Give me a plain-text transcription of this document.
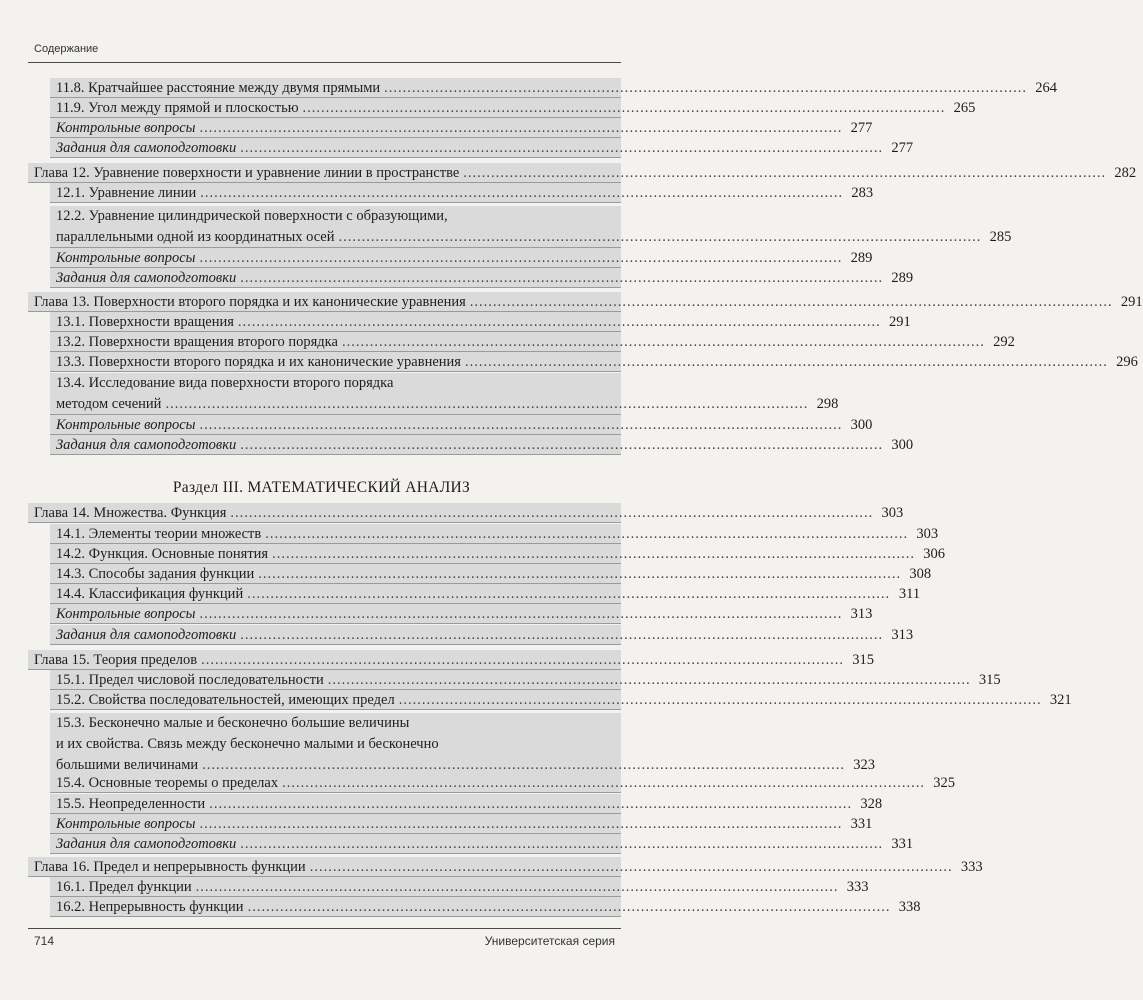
Содержание
11.8. Кратчайшее расстояние между двумя прямыми ........................................................................................................................................... 264
11.9. Угол между прямой и плоскостью ........................................................................................................................................... 265
Контрольные вопросы ........................................................................................................................................... 277
Задания для самоподготовки ........................................................................................................................................... 277
Глава 12. Уравнение поверхности и уравнение линии в пространстве ........................................................................................................................................... 282
12.1. Уравнение линии ........................................................................................................................................... 283
12.2. Уравнение цилиндрической поверхности с образующими,
параллельными одной из координатных осей ........................................................................................................................................... 285
Контрольные вопросы ........................................................................................................................................... 289
Задания для самоподготовки ........................................................................................................................................... 289
Глава 13. Поверхности второго порядка и их канонические уравнения ........................................................................................................................................... 291
13.1. Поверхности вращения ........................................................................................................................................... 291
13.2. Поверхности вращения второго порядка ........................................................................................................................................... 292
13.3. Поверхности второго порядка и их канонические уравнения ........................................................................................................................................... 296
13.4. Исследование вида поверхности второго порядка
методом сечений ........................................................................................................................................... 298
Контрольные вопросы ........................................................................................................................................... 300
Задания для самоподготовки ........................................................................................................................................... 300
Раздел III. МАТЕМАТИЧЕСКИЙ АНАЛИЗ
Глава 14. Множества. Функция ........................................................................................................................................... 303
14.1. Элементы теории множеств ........................................................................................................................................... 303
14.2. Функция. Основные понятия ........................................................................................................................................... 306
14.3. Способы задания функции ........................................................................................................................................... 308
14.4. Классификация функций ........................................................................................................................................... 311
Контрольные вопросы ........................................................................................................................................... 313
Задания для самоподготовки ........................................................................................................................................... 313
Глава 15. Теория пределов ........................................................................................................................................... 315
15.1. Предел числовой последовательности ........................................................................................................................................... 315
15.2. Свойства последовательностей, имеющих предел ........................................................................................................................................... 321
15.3. Бесконечно малые и бесконечно большие величины
и их свойства. Связь между бесконечно малыми и бесконечно
большими величинами ........................................................................................................................................... 323
15.4. Основные теоремы о пределах ........................................................................................................................................... 325
15.5. Неопределенности ........................................................................................................................................... 328
Контрольные вопросы ........................................................................................................................................... 331
Задания для самоподготовки ........................................................................................................................................... 331
Глава 16. Предел и непрерывность функции ........................................................................................................................................... 333
16.1. Предел функции ........................................................................................................................................... 333
16.2. Непрерывность функции ........................................................................................................................................... 338
714	Университетская серия
